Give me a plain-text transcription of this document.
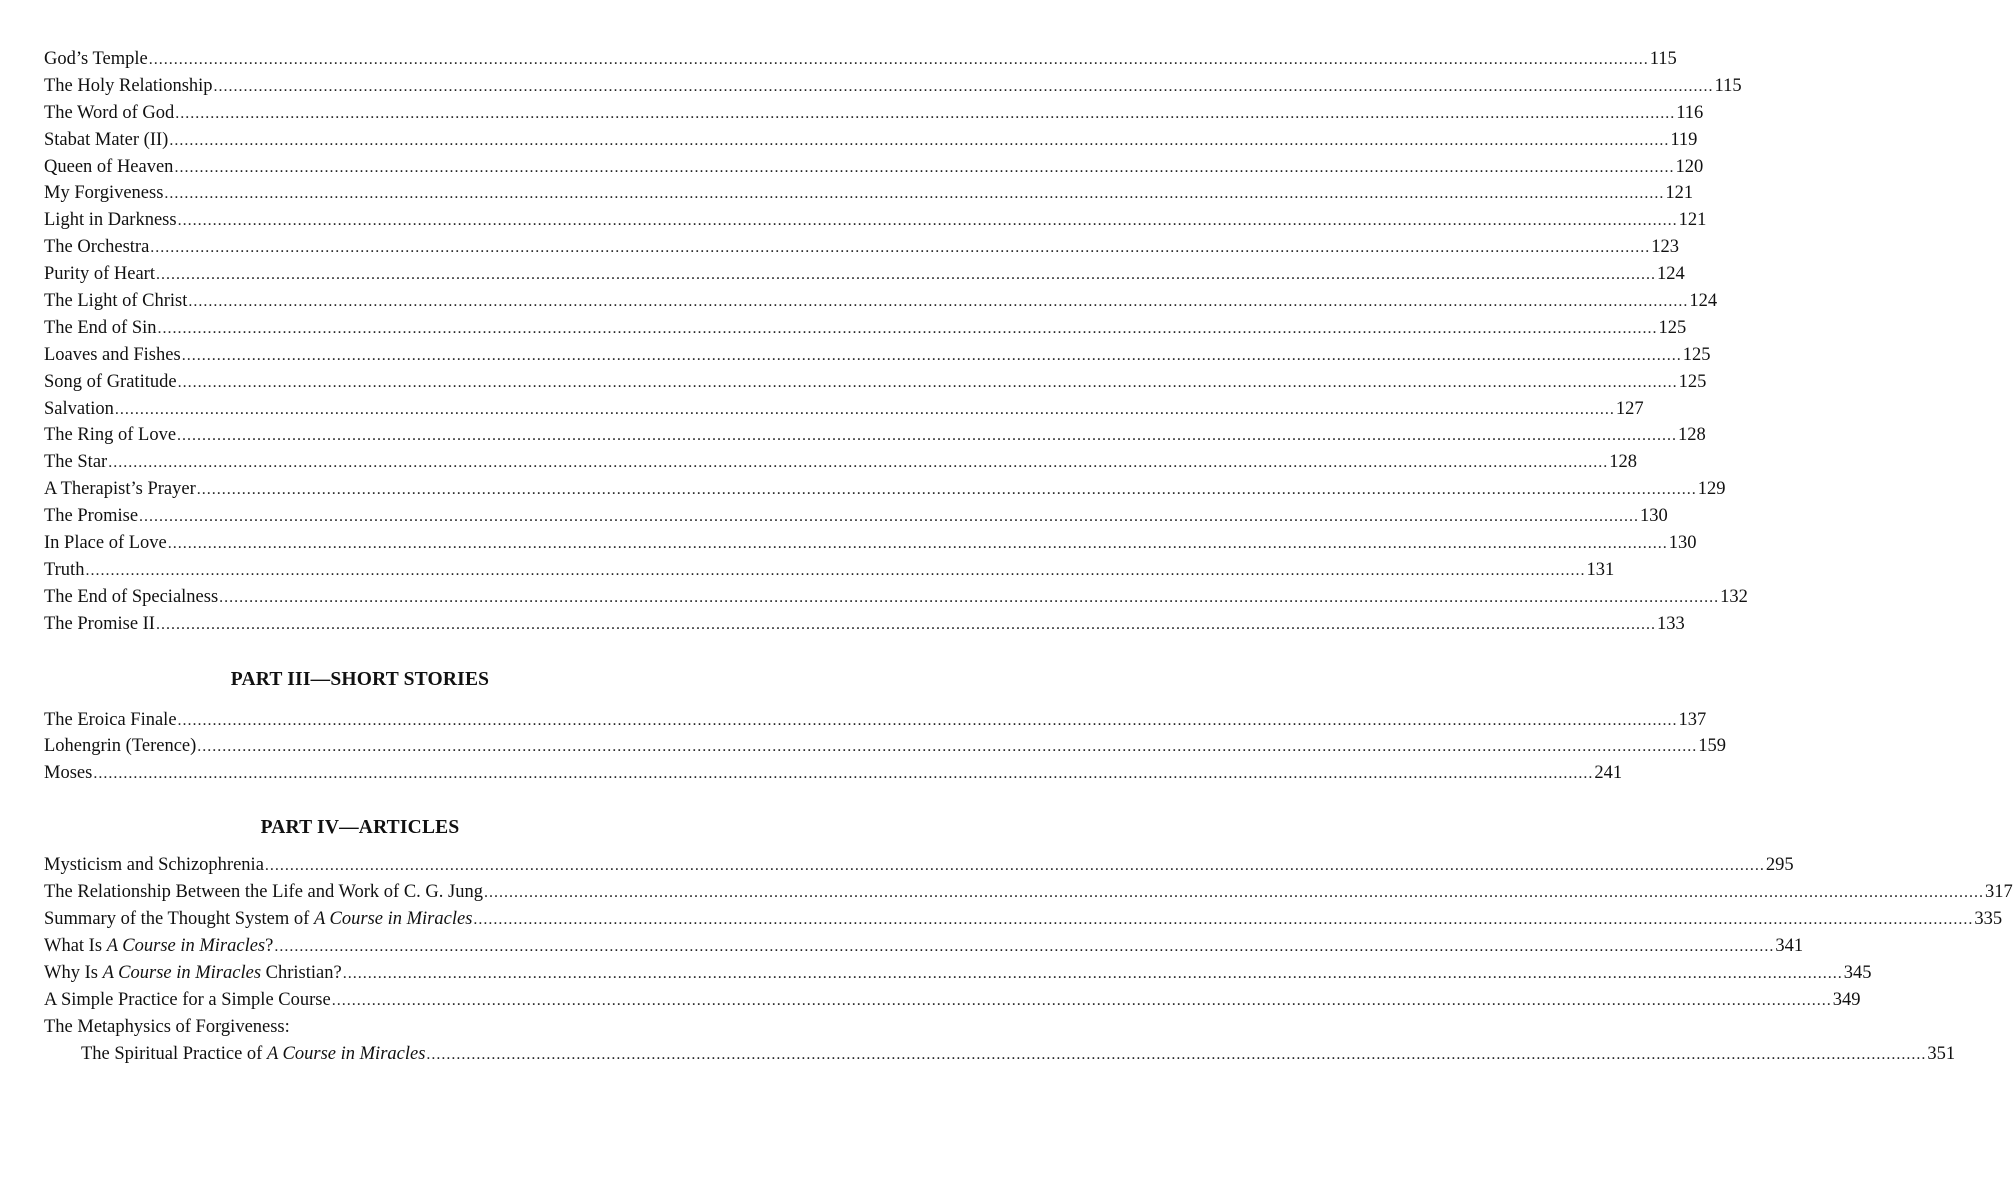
God’s Temple ............................................................................................................................................................................................................................................................................................................ 115
The Holy Relationship ............................................................................................................................................................................................................................................................................................................ 115
The Word of God ............................................................................................................................................................................................................................................................................................................ 116
Stabat Mater (II) ............................................................................................................................................................................................................................................................................................................ 119
Queen of Heaven ............................................................................................................................................................................................................................................................................................................ 120
My Forgiveness ............................................................................................................................................................................................................................................................................................................ 121
Light in Darkness ............................................................................................................................................................................................................................................................................................................ 121
The Orchestra ............................................................................................................................................................................................................................................................................................................ 123
Purity of Heart ............................................................................................................................................................................................................................................................................................................ 124
The Light of Christ ............................................................................................................................................................................................................................................................................................................ 124
The End of Sin ............................................................................................................................................................................................................................................................................................................ 125
Loaves and Fishes ............................................................................................................................................................................................................................................................................................................ 125
Song of Gratitude ............................................................................................................................................................................................................................................................................................................ 125
Salvation ............................................................................................................................................................................................................................................................................................................ 127
The Ring of Love ............................................................................................................................................................................................................................................................................................................ 128
The Star ............................................................................................................................................................................................................................................................................................................ 128
A Therapist’s Prayer ............................................................................................................................................................................................................................................................................................................ 129
The Promise ............................................................................................................................................................................................................................................................................................................ 130
In Place of Love ............................................................................................................................................................................................................................................................................................................ 130
Truth ............................................................................................................................................................................................................................................................................................................ 131
The End of Specialness ............................................................................................................................................................................................................................................................................................................ 132
The Promise II ............................................................................................................................................................................................................................................................................................................ 133
PART III—SHORT STORIES
The Eroica Finale ............................................................................................................................................................................................................................................................................................................ 137
Lohengrin (Terence) ............................................................................................................................................................................................................................................................................................................ 159
Moses ............................................................................................................................................................................................................................................................................................................ 241
PART IV—ARTICLES
Mysticism and Schizophrenia ............................................................................................................................................................................................................................................................................................................ 295
The Relationship Between the Life and Work of C. G. Jung ............................................................................................................................................................................................................................................................................................................ 317
Summary of the Thought System of A Course in Miracles ............................................................................................................................................................................................................................................................................................................ 335
What Is A Course in Miracles? ............................................................................................................................................................................................................................................................................................................ 341
Why Is A Course in Miracles Christian? ............................................................................................................................................................................................................................................................................................................ 345
A Simple Practice for a Simple Course ............................................................................................................................................................................................................................................................................................................ 349
The Metaphysics of Forgiveness:
The Spiritual Practice of A Course in Miracles ............................................................................................................................................................................................................................................................................................................ 351
